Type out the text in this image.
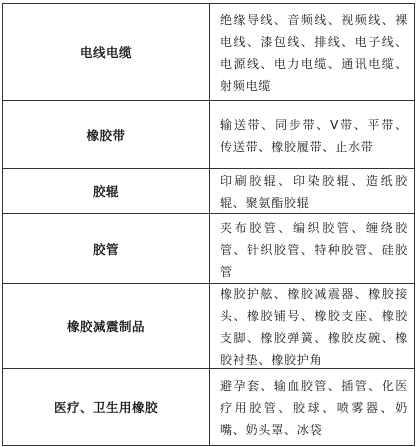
电线电缆
绝缘导线、音频线、视频线、裸电线、漆包线、排线、电子线、电源线、电力电缆、通讯电缆、射频电缆
橡胶带
输送带、同步带、V带、平带、传送带、橡胶履带、止水带
胶辊
印刷胶辊、印染胶辊、造纸胶辊、聚氨酯胶辊
胶管
夹布胶管、编织胶管、缠绕胶管、针织胶管、特种胶管、硅胶管
橡胶减震制品
橡胶护舷、橡胶减震器、橡胶接头、橡胶铺号、橡胶支座、橡胶支脚、橡胶弹簧、橡胶皮碗、橡胶衬垫、橡胶护角
医疗、卫生用橡胶
避孕套、输血胶管、插管、化医疗用胶管、胶球、喷雾器、奶嘴、奶头罩、冰袋
